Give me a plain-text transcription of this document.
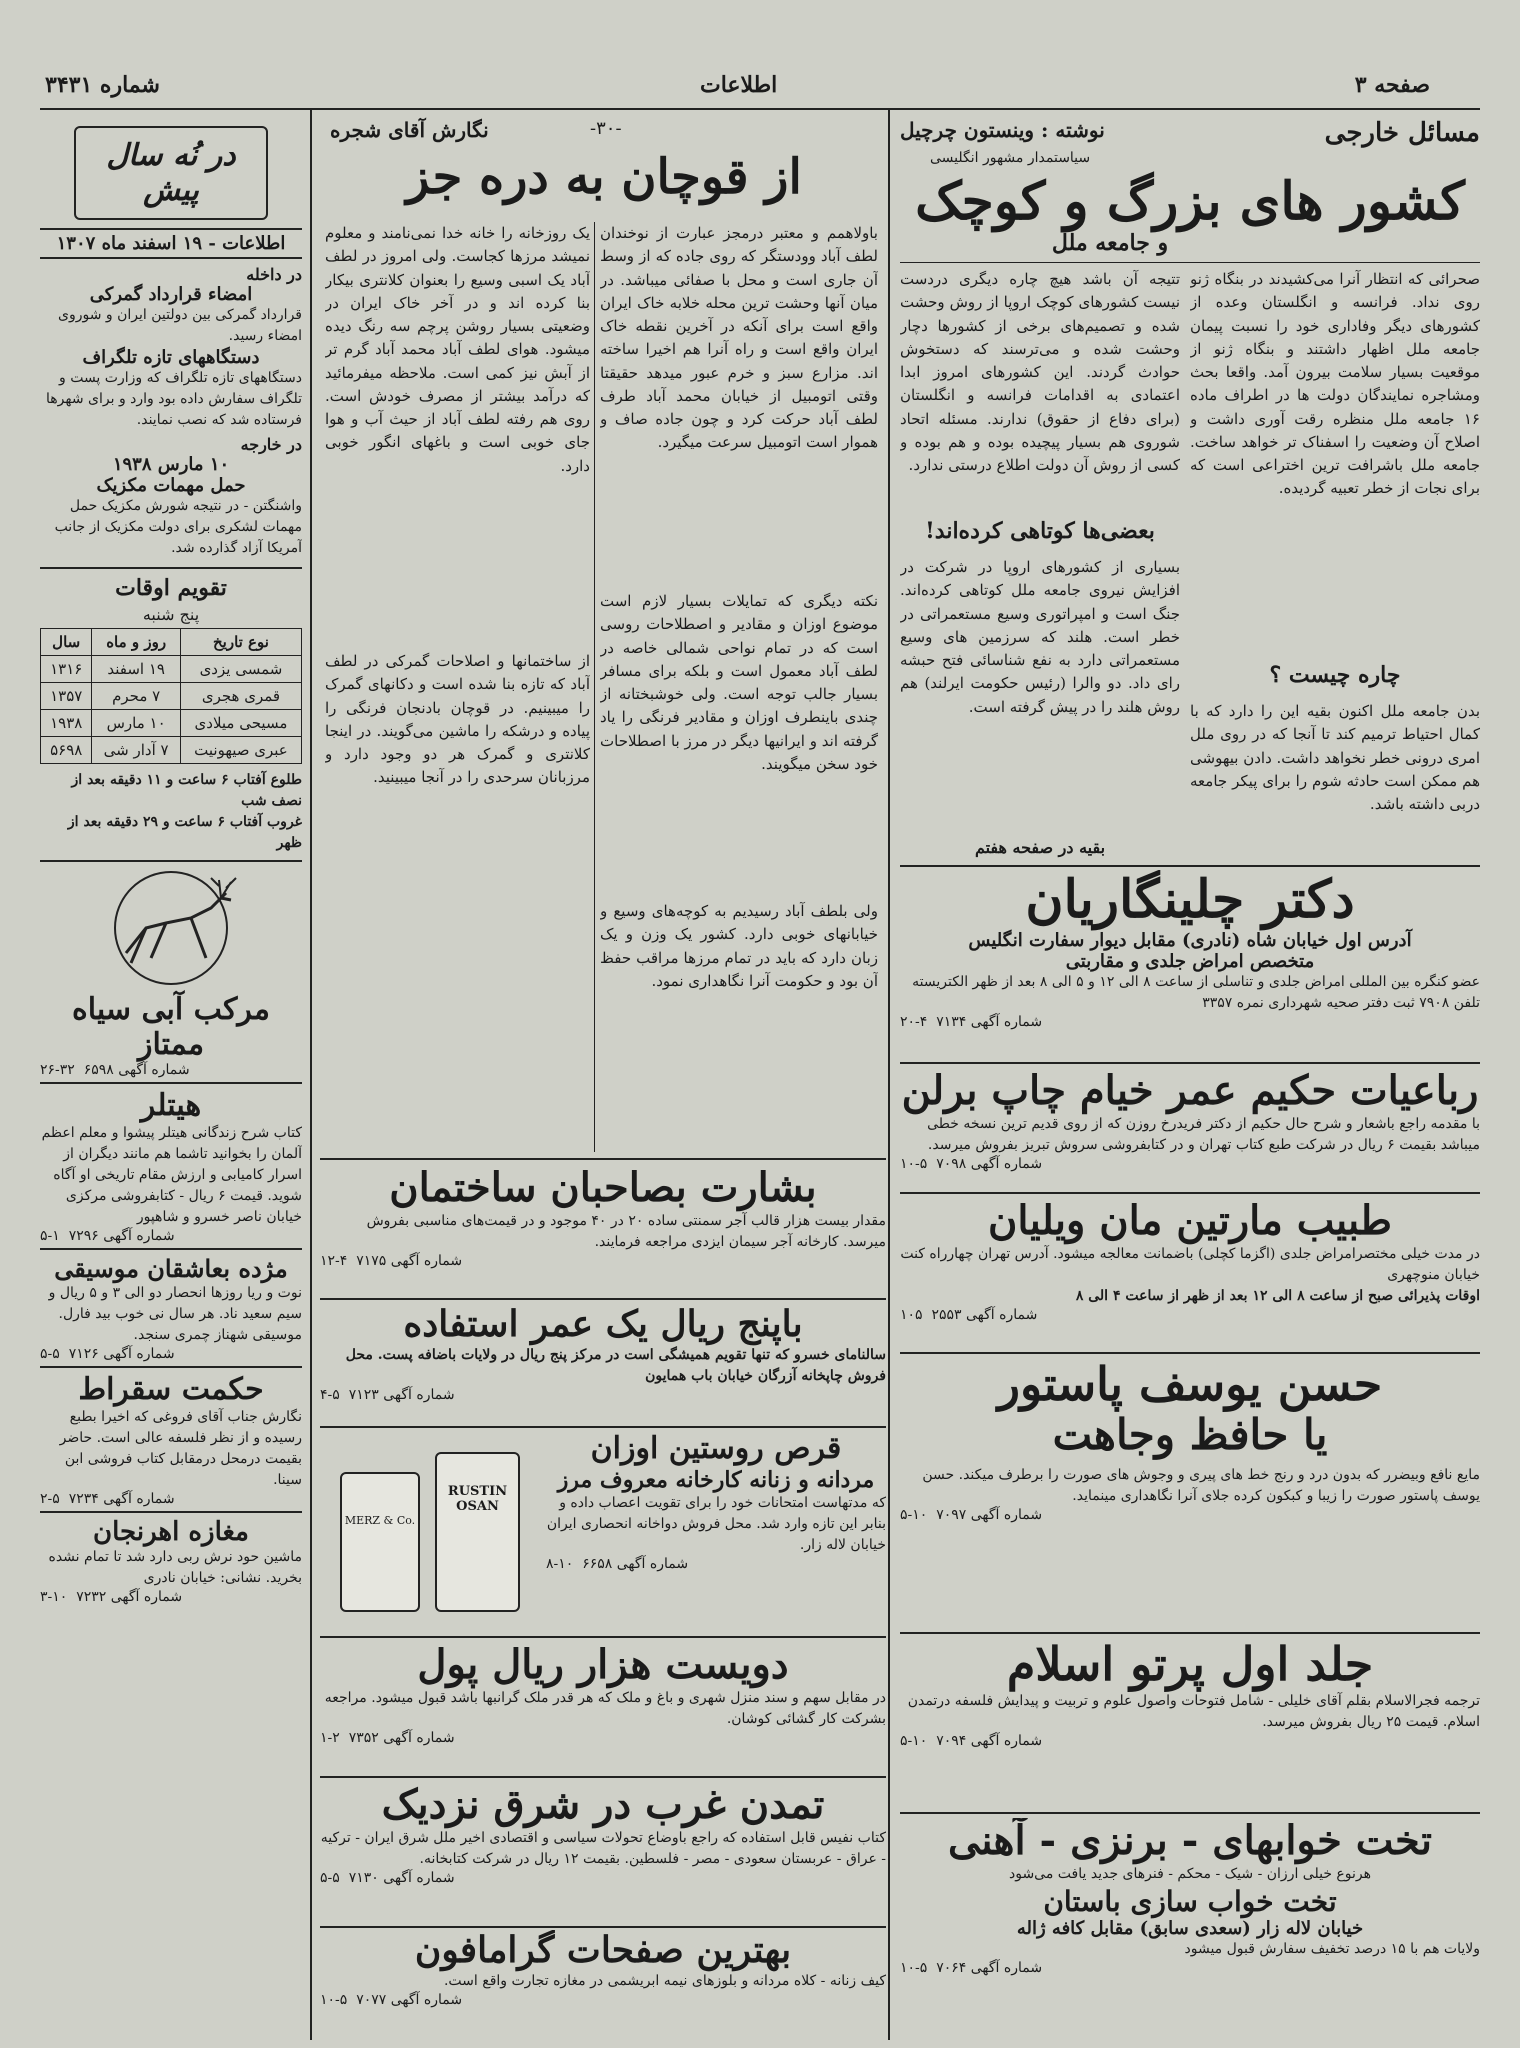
صفحه ۳
اطلاعات
شماره ۳۴۳۱
مسائل خارجی
نوشته : وینستون چرچیل
سیاستمدار مشهور انگلیسی
کشور های بزرگ و کوچک
و جامعه ملل
صحرائی که انتظار آنرا می‌کشیدند در بنگاه ژنو روی نداد. فرانسه و انگلستان وعده از کشورهای دیگر وفاداری خود را نسبت پیمان جامعه ملل اظهار داشتند و بنگاه ژنو از موقعیت بسیار سلامت بیرون آمد. واقعا بحث ومشاجره نمایندگان دولت ها در اطراف ماده ۱۶ جامعه ملل منظره رقت آوری داشت و اصلاح آن وضعیت را اسفناک تر خواهد ساخت. جامعه ملل باشرافت ترین اختراعی است که برای نجات از خطر تعبیه گردیده.
چاره چیست ؟
بدن جامعه ملل اکنون بقیه این را دارد که با کمال احتیاط ترمیم کند تا آنجا که در روی ملل امری درونی خطر نخواهد داشت. دادن بیهوشی هم ممکن است حادثه شوم را برای پیکر جامعه دربی داشته باشد.
تتیجه آن باشد هیچ چاره دیگری دردست نیست کشورهای کوچک اروپا از روش وحشت شده و تصمیم‌های برخی از کشورها دچار وحشت شده و می‌ترسند که دستخوش حوادث گردند. این کشورهای امروز ابدا اعتمادی به اقدامات فرانسه و انگلستان (برای دفاع از حقوق) ندارند. مسئله اتحاد شوروی هم بسیار پیچیده بوده و هم بوده و کسی از روش آن دولت اطلاع درستی ندارد.
بعضی‌ها کوتاهی کرده‌اند!
بسیاری از کشورهای اروپا در شرکت در افزایش نیروی جامعه ملل کوتاهی کرده‌اند. جنگ است و امپراتوری وسیع مستعمراتی در خطر است. هلند که سرزمین های وسیع مستعمراتی دارد به نفع شناسائی فتح حبشه رای داد. دو والرا (رئیس حکومت ایرلند) هم روش هلند را در پیش گرفته است.
بقیه در صفحه هفتم
دکتر چلینگاریان
آدرس اول خیابان شاه (نادری) مقابل دیوار سفارت انگلیس
متخصص امراض جلدی و مقاربتی
عضو کنگره بین المللی امراض جلدی و تناسلی از ساعت ۸ الی ۱۲ و ۵ الی ۸ بعد از ظهر الکتریسته تلفن ۷۹۰۸ ثبت دفتر صحیه شهرداری نمره ۳۳۵۷
شماره آگهی ۷۱۳۴  ۴-۲۰
رباعیات حکیم عمر خیام چاپ برلن
با مقدمه راجع باشعار و شرح حال حکیم از دکتر فریدرخ روزن که از روی قدیم ترین نسخه خطی میباشد بقیمت ۶ ریال در شرکت طبع کتاب تهران و در کتابفروشی سروش تبریز بفروش میرسد.
شماره آگهی ۷۰۹۸  ۵-۱۰
طبیب مارتین مان ویلیان
در مدت خیلی مختصرامراض جلدی (اگزما کچلی) باضمانت معالجه میشود. آدرس تهران چهارراه کنت خیابان منوچهری
اوقات پذیرائی صبح از ساعت ۸ الی ۱۲ بعد از ظهر از ساعت ۴ الی ۸
شماره آگهی ۲۵۵۳  ۱۰۵
حسن یوسف پاستور
یا حافظ وجاهت
مایع نافع وبیضرر که بدون درد و رنج خط های پیری و وجوش های صورت را برطرف میکند. حسن یوسف پاستور صورت را زیبا و کبکون کرده جلای آنرا نگاهداری مینماید.
شماره آگهی ۷۰۹۷  ۱۰-۵
جلد اول پرتو اسلام
ترجمه فجرالاسلام بقلم آقای خلیلی - شامل فتوحات واصول علوم و تربیت و پیدایش فلسفه درتمدن اسلام. قیمت ۲۵ ریال بفروش میرسد.
شماره آگهی ۷۰۹۴  ۱۰-۵
تخت خوابهای - برنزی - آهنی
هرنوع خیلی ارزان - شیک - محکم - فنرهای جدید یافت می‌شود
تخت خواب سازی باستان
خیابان لاله زار (سعدی سابق) مقابل کافه ژاله
ولایات هم با ۱۵ درصد تخفیف سفارش قبول میشود
شماره آگهی ۷۰۶۴  ۵-۱۰
-۳۰-
نگارش آقای شجره
از قوچان به دره جز
باولاهمم و معتبر درمجز عبارت از نوخندان لطف آباد وودستگر که روی جاده که از وسط آن جاری است و محل با صفائی میباشد. در میان آنها وحشت ترین محله خلابه خاک ایران واقع است برای آنکه در آخرین نقطه خاک ایران واقع است و راه آنرا هم اخیرا ساخته اند. مزارع سبز و خرم عبور میدهد حقیقتا وقتی اتومبیل از خیابان محمد آباد طرف لطف آباد حرکت کرد و چون جاده صاف و هموار است اتومبیل سرعت میگیرد.
نکته دیگری که تمایلات بسیار لازم است موضوع اوزان و مقادیر و اصطلاحات روسی است که در تمام نواحی شمالی خاصه در لطف آباد معمول است و بلکه برای مسافر بسیار جالب توجه است. ولی خوشبختانه از چندی باینطرف اوزان و مقادیر فرنگی را یاد گرفته اند و ایرانیها دیگر در مرز با اصطلاحات خود سخن میگویند.
ولی بلطف آباد رسیدیم به کوچه‌های وسیع و خیابانهای خوبی دارد. کشور یک وزن و یک زبان دارد که باید در تمام مرزها مراقب حفظ آن بود و حکومت آنرا نگاهداری نمود.
یک روزخانه را خانه خدا نمی‌نامند و معلوم نمیشد مرزها کجاست. ولی امروز در لطف آباد یک اسبی وسیع را بعنوان کلانتری بیکار بنا کرده اند و در آخر خاک ایران در وضعیتی بسیار روشن پرچم سه رنگ دیده میشود. هوای لطف آباد محمد آباد گرم تر از آبش نیز کمی است. ملاحظه میفرمائید که درآمد بیشتر از مصرف خودش است. روی هم رفته لطف آباد از حیث آب و هوا جای خوبی است و باغهای انگور خوبی دارد.
از ساختمانها و اصلاحات گمرکی در لطف آباد که تازه بنا شده است و دکانهای گمرک را میبینیم. در قوچان بادنجان فرنگی را پیاده و درشکه را ماشین می‌گویند. در اینجا کلانتری و گمرک هر دو وجود دارد و مرزبانان سرحدی را در آنجا میبینید.
بشارت بصاحبان ساختمان
مقدار بیست هزار قالب آجر سمنتی ساده ۲۰ در ۴۰ موجود و در قیمت‌های مناسبی بفروش میرسد. کارخانه آجر سیمان ایزدی مراجعه فرمایند.
شماره آگهی ۷۱۷۵  ۴-۱۲
باپنج ریال یک عمر استفاده
سالنامای خسرو که تنها تقویم همیشگی است در مرکز پنج ریال در ولایات باضافه پست. محل فروش چاپخانه آزرگان خیابان باب همایون
شماره آگهی ۷۱۲۳  ۵-۴
قرص روستین اوزان
مردانه و زنانه کارخانه معروف مرز
که مدتهاست امتحانات خود را برای تقویت اعصاب داده و بنابر این تازه وارد شد. محل فروش دواخانه انحصاری ایران خیابان لاله زار.
شماره آگهی ۶۶۵۸  ۱۰-۸
MERZ & Co.
RUSTIN OSAN
دویست هزار ریال پول
در مقابل سهم و سند منزل شهری و باغ و ملک که هر قدر ملک گرانبها باشد قبول میشود. مراجعه بشرکت کار گشائی کوشان.
شماره آگهی ۷۳۵۲  ۲-۱
تمدن غرب در شرق نزدیک
کتاب نفیس قابل استفاده که راجع باوضاع تحولات سیاسی و اقتصادی اخیر ملل شرق ایران - ترکیه - عراق - عربستان سعودی - مصر - فلسطین. بقیمت ۱۲ ریال در شرکت کتابخانه.
شماره آگهی ۷۱۳۰  ۵-۵
بهترین صفحات گرامافون
کیف زنانه - کلاه مردانه و بلوزهای نیمه ابریشمی در مغازه تجارت واقع است.
شماره آگهی ۷۰۷۷  ۵-۱۰
در نُه سال پیش
اطلاعات - ۱۹ اسفند ماه ۱۳۰۷
در داخله
امضاء قرارداد گمرکی
قرارداد گمرکی بین دولتین ایران و شوروی امضاء رسید.
دستگاههای تازه تلگراف
دستگاههای تازه تلگراف که وزارت پست و تلگراف سفارش داده بود وارد و برای شهرها فرستاده شد که نصب نمایند.
در خارجه
۱۰ مارس ۱۹۳۸
حمل مهمات مکزیک
واشنگتن - در نتیجه شورش مکزیک حمل مهمات لشکری برای دولت مکزیک از جانب آمریکا آزاد گذارده شد.
تقویم اوقات
پنج شنبه
نوع تاریخ	روز و ماه	سال
شمسی یزدی	۱۹ اسفند	۱۳۱۶
قمری هجری	۷ محرم	۱۳۵۷
مسیحی میلادی	۱۰ مارس	۱۹۳۸
عبری صیهونیت	۷ آدار شی	۵۶۹۸
طلوع آفتاب ۶ ساعت و ۱۱ دقیقه بعد از نصف شب
غروب آفتاب ۶ ساعت و ۲۹ دقیقه بعد از ظهر
مرکب آبی سیاه ممتاز
شماره آگهی ۶۵۹۸  ۳۲-۲۶
هیتلر
کتاب شرح زندگانی هیتلر پیشوا و معلم اعظم آلمان را بخوانید تاشما هم مانند دیگران از اسرار کامیابی و ارزش مقام تاریخی او آگاه شوید. قیمت ۶ ریال - کتابفروشی مرکزی خیابان ناصر خسرو و شاهپور
شماره آگهی ۷۲۹۶  ۱-۵
مژده بعاشقان موسیقی
نوت و ریا روزها انحصار دو الی ۳ و ۵ ریال و سیم سعید ناد. هر سال نی خوب بید فارل. موسیقی شهناز چمری سنجد.
شماره آگهی ۷۱۲۶  ۵-۵
حکمت سقراط
نگارش جناب آقای فروغی که اخیرا بطبع رسیده و از نظر فلسفه عالی است. حاضر بقیمت درمحل درمقابل کتاب فروشی ابن سینا.
شماره آگهی ۷۲۳۴  ۵-۲
مغازه اهرنجان
ماشین حود نرش ربی دارد شد تا تمام نشده بخرید. نشانی: خیابان نادری
شماره آگهی ۷۲۳۲  ۱۰-۳
